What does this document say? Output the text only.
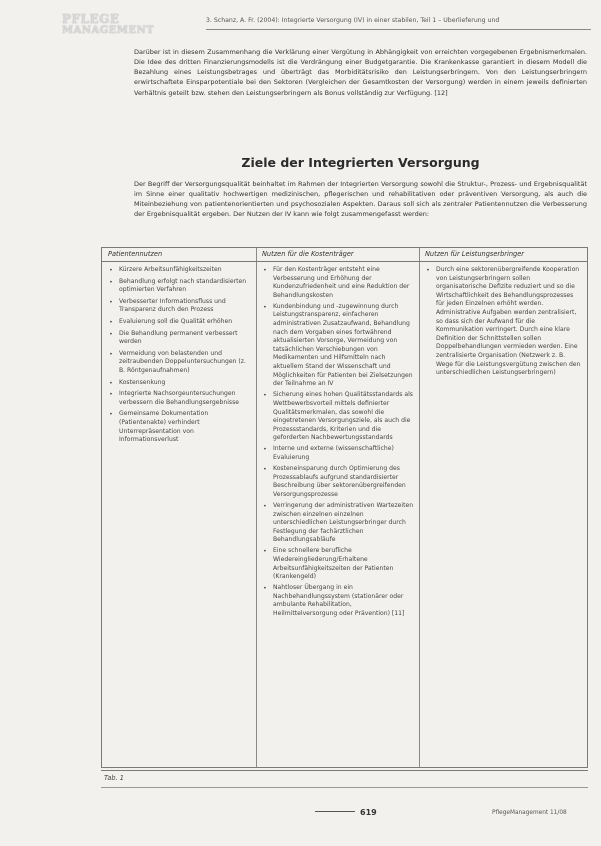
PFLEGE
MANAGEMENT
3. Schanz, A. Fr. (2004): Integrierte Versorgung (IV) in einer stabilen, Teil 1 – Überlieferung und

Darüber ist in diesem Zusammenhang die Verklärung einer Vergütung in Abhängigkeit von erreichten vorgegebenen Ergebnismerkmalen. Die Idee des dritten Finanzierungsmodells ist die Verdrängung einer Budgetgarantie. Die Krankenkasse garantiert in diesem Modell die Bezahlung eines Leistungsbetrages und überträgt das Morbiditätsrisiko den Leistungserbringern. Von den Leistungserbringern erwirtschaftete Einsparpotentiale bei den Sektoren (Vergleichen der Gesamtkosten der Versorgung) werden in einem jeweils definierten Verhältnis geteilt bzw. stehen den Leistungserbringern als Bonus vollständig zur Verfügung. [12]

Ziele der Integrierten Versorgung

Der Begriff der Versorgungsqualität beinhaltet im Rahmen der Integrierten Versorgung sowohl die Struktur-, Prozess- und Ergebnisqualität im Sinne einer qualitativ hochwertigen medizinischen, pflegerischen und rehabilitativen oder präventiven Versorgung, als auch die Miteinbeziehung von patientenorientierten und psychosozialen Aspekten. Daraus soll sich als zentraler Patientennutzen die Verbesserung der Ergebnisqualität ergeben. Der Nutzen der IV kann wie folgt zusammengefasst werden:

Patientennutzen
• Kürzere Arbeitsunfähigkeitszeiten
• Behandlung erfolgt nach standardisierten optimierten Verfahren
• Verbesserter Informationsfluss und Transparenz durch den Prozess
• Evaluierung soll die Qualität erhöhen
• Die Behandlung permanent verbessert werden
• Vermeidung von belastenden und zeitraubenden Doppeluntersuchungen (z. B. Röntgenaufnahmen)
• Kostensenkung
• Integrierte Nachsorgeuntersuchungen verbessern die Behandlungsergebnisse
• Gemeinsame Dokumentation (Patientenakte) verhindert Unterrepräsentation von Informationsverlust
Nutzen für die Kostenträger
• Für den Kostenträger entsteht eine Verbesserung und Erhöhung der Kundenzufriedenheit und eine Reduktion der Behandlungskosten
• Kundenbindung und -zugewinnung durch Leistungstransparenz, einfacheren administrativen Zusatzaufwand, Behandlung nach dem Vorgaben eines fortwährend aktualisierten Vorsorge, Vermeidung von tatsächlichen Verschiebungen von Medikamenten und Hilfsmitteln nach aktuellem Stand der Wissenschaft und Möglichkeiten für Patienten bei Zielsetzungen der Teilnahme an IV
• Sicherung eines hohen Qualitätsstandards als Wettbewerbsvorteil mittels definierter Qualitätsmerkmalen, das sowohl die eingetretenen Versorgungsziele, als auch die Prozessstandards, Kriterien und die geforderten Nachbewertungsstandards
• Interne und externe (wissenschaftliche) Evaluierung
• Kosteneinsparung durch Optimierung des Prozessablaufs aufgrund standardisierter Beschreibung über sektorenübergreifenden Versorgungsprozesse
• Verringerung der administrativen Wartezeiten zwischen einzelnen einzelnen unterschiedlichen Leistungserbringer durch Festlegung der fachärztlichen Behandlungsabläufe
• Eine schnellere berufliche Wiedereingliederung/Erhaltene Arbeitsunfähigkeitszeiten der Patienten (Krankengeld)
• Nahtloser Übergang in ein Nachbehandlungssystem (stationärer oder ambulante Rehabilitation, Heilmittelversorgung oder Prävention) [11]
Nutzen für Leistungserbringer
• Durch eine sektorenübergreifende Kooperation von Leistungserbringern sollen organisatorische Defizite reduziert und so die Wirtschaftlichkeit des Behandlungsprozesses für jeden Einzelnen erhöht werden. Administrative Aufgaben werden zentralisiert, so dass sich der Aufwand für die Kommunikation verringert. Durch eine klare Definition der Schnittstellen sollen Doppelbehandlungen vermieden werden. Eine zentralisierte Organisation (Netzwerk z. B. Wege für die Leistungsvergütung zwischen den unterschiedlichen Leistungserbringern)
Tab. 1
619	PflegeManagement 11/08
